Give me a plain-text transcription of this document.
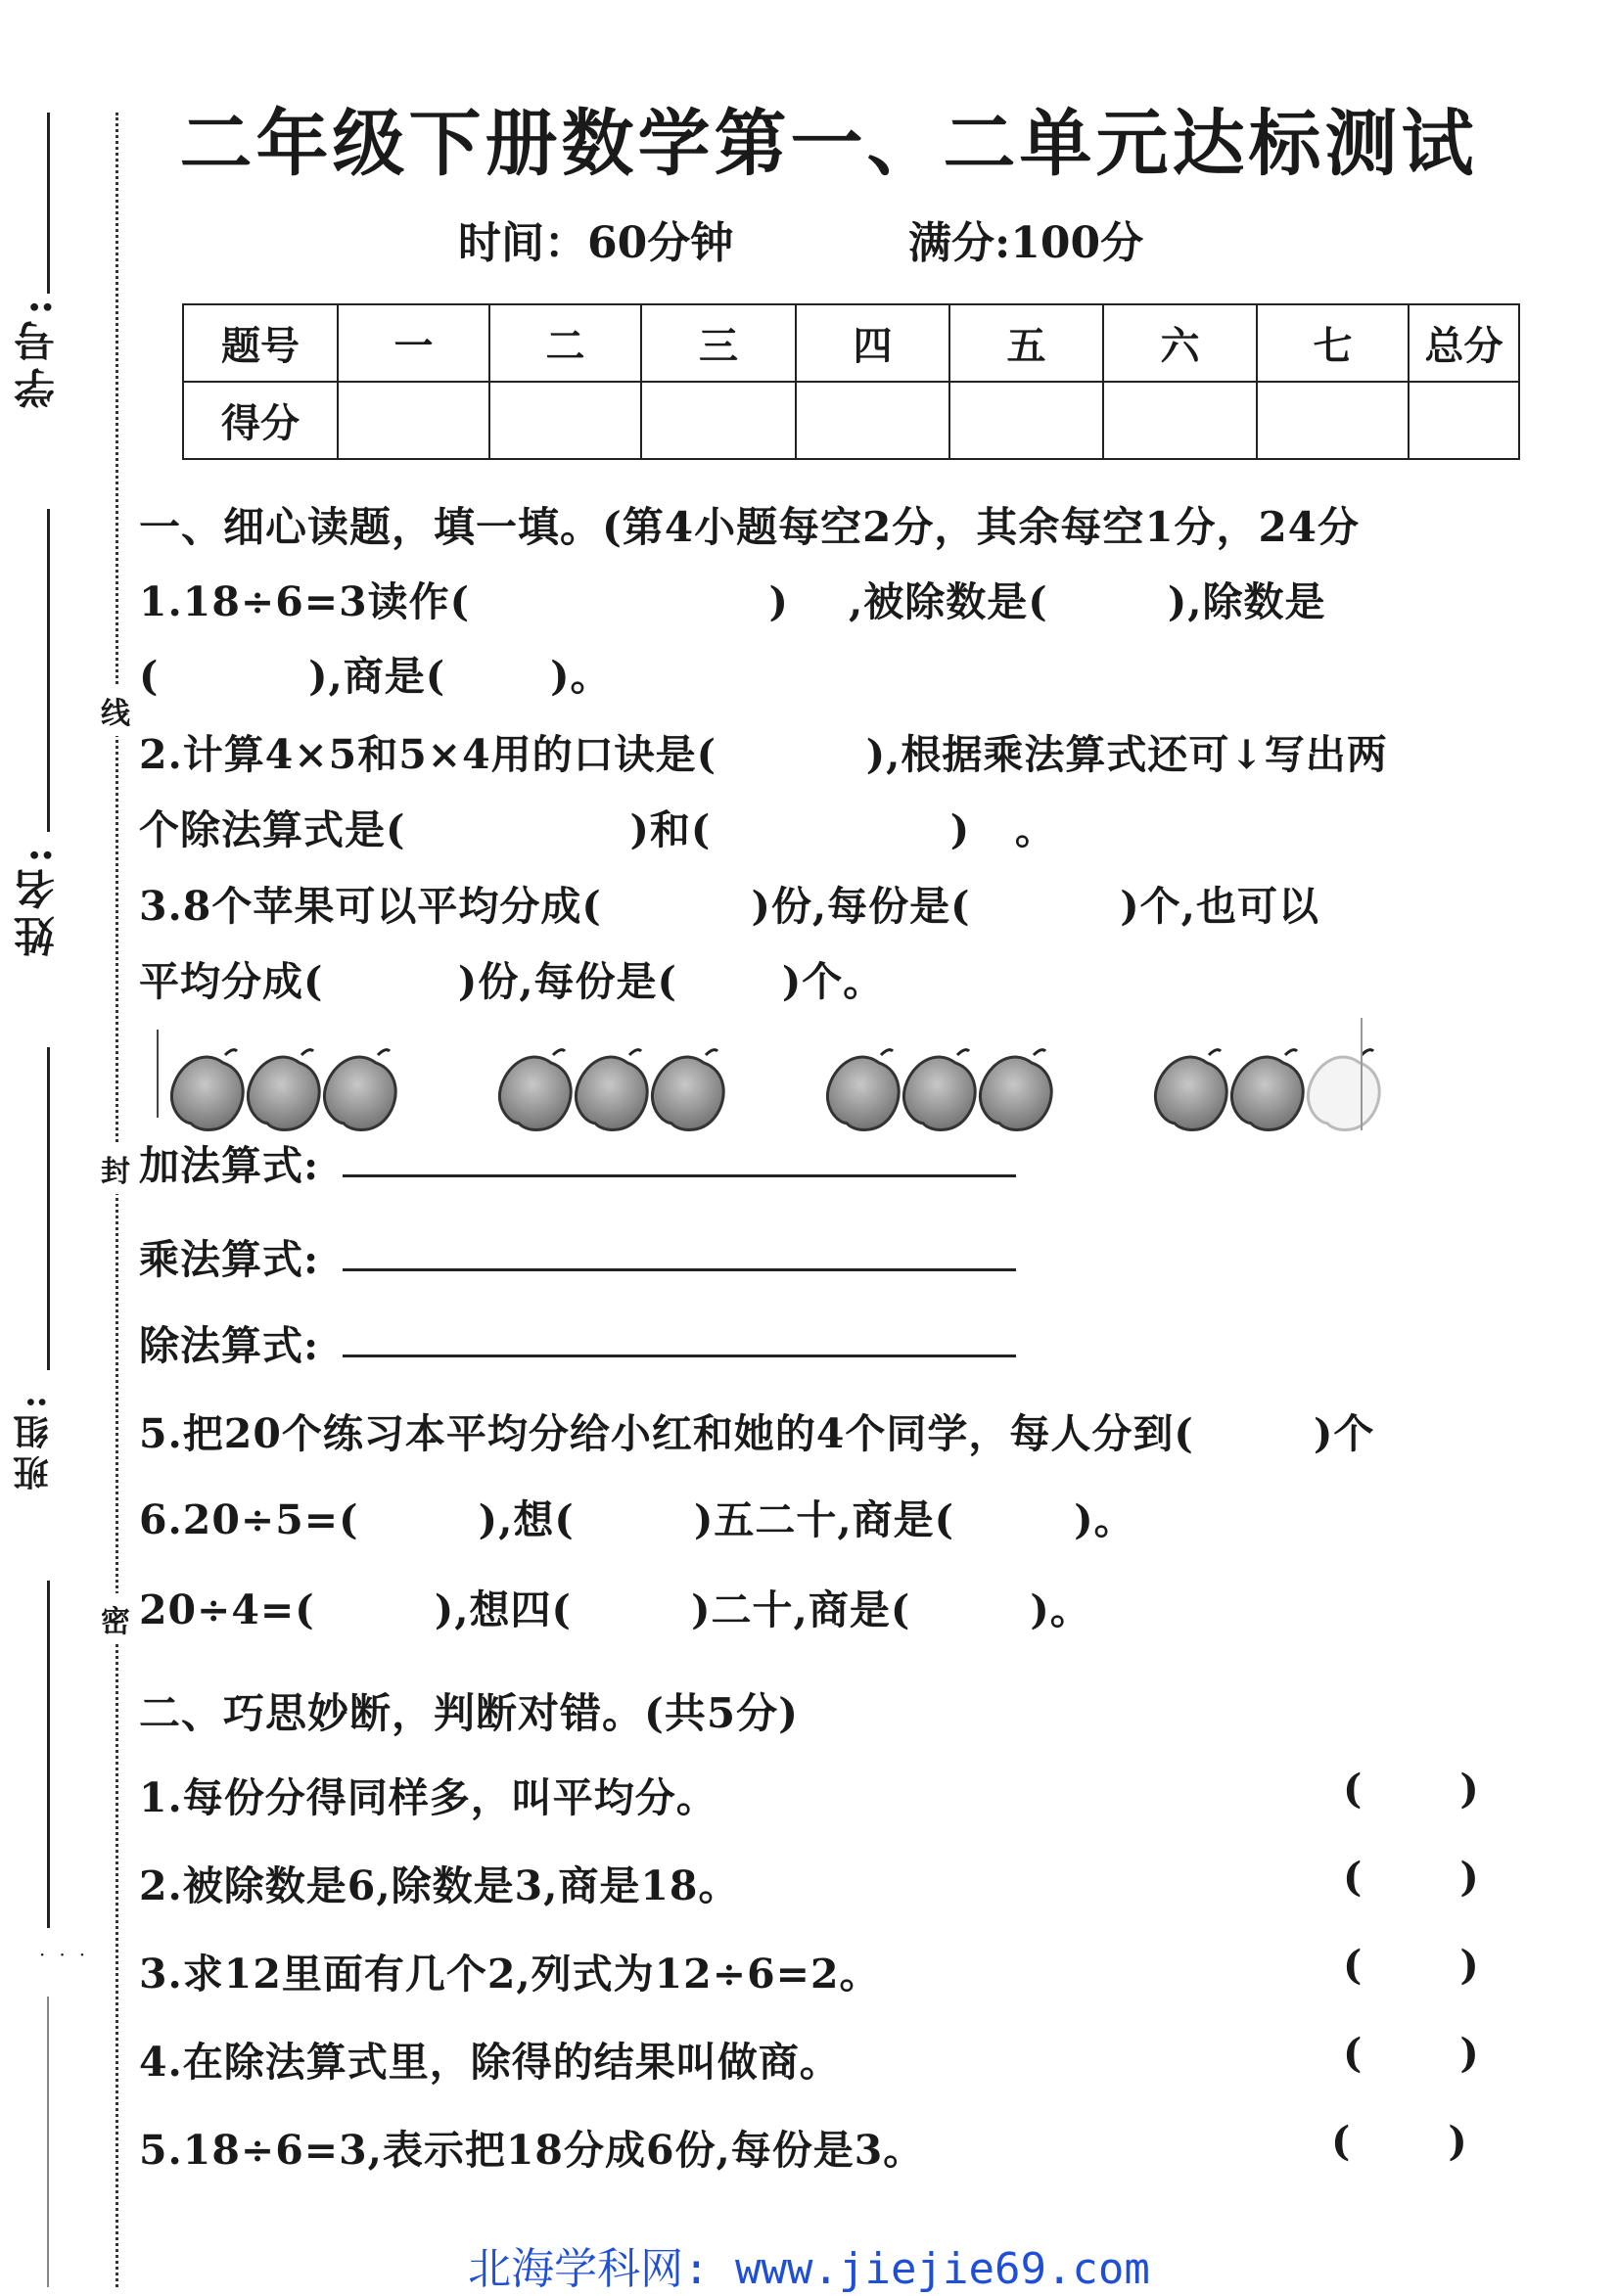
学号:
姓名:
班组:
···
线
封
密
二年级下册数学第一、二单元达标测试
时间：60分钟	满分:100分
题号	一	二	三	四	五	六	七	总分
得分								
一、细心读题，填一填。(第4小题每空2分，其余每空1分，24分
1.18÷6=3读作(                    )    ,被除数是(        ),除数是
(          ),商是(       )。
2.计算4×5和5×4用的口诀是(          ),根据乘法算式还可↓写出两
个除法算式是(               )和(                )   。
3.8个苹果可以平均分成(          )份,每份是(          )个,也可以
平均分成(         )份,每份是(       )个。
加法算式:
乘法算式:
除法算式:
5.把20个练习本平均分给小红和她的4个同学，每人分到(        )个
6.20÷5=(        ),想(        )五二十,商是(        )。
20÷4=(        ),想四(        )二十,商是(        )。
二、巧思妙断，判断对错。(共5分)
1.每份分得同样多，叫平均分。	(       )
2.被除数是6,除数是3,商是18。	(       )
3.求12里面有几个2,列式为12÷6=2。	(       )
4.在除法算式里，除得的结果叫做商。	(       )
5.18÷6=3,表示把18分成6份,每份是3。	(       )
北海学科网: www.jiejie69.com
